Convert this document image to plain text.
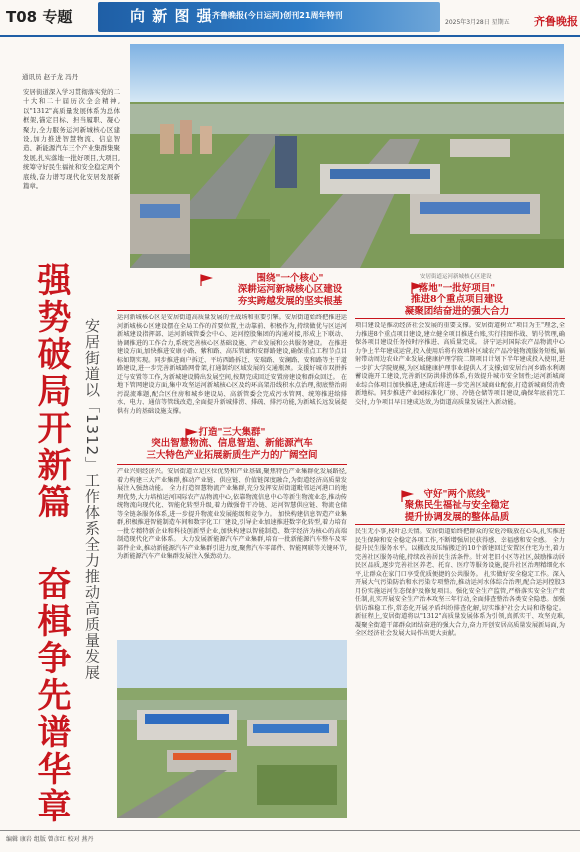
T08 专题	向 新 图 强 齐鲁晚报(今日运河)创刊21周年特刊
2025年3月28日 星期五 齐鲁晚报
通讯员 赵子龙 冯丹
安居街道深入学习贯彻落实党的二十大和二十届历次全会精神,以"1312"高质量发展体系为总体框架,锚定目标、担当履职、凝心聚力,全力服务运河新城核心区建设,加力推进智慧物流、信息智造、新能源汽车三个产业集群集聚发展,扎实落地一批好项目,大项目,统筹守好民生福祉和安全稳定两个底线,奋力谱写现代化安居发展新篇章。
强势破局开新篇
奋楫争先谱华章
安居街道以「1312」工作体系全力推动高质量发展
安居街道运河新城核心区建设
围绕"一个核心"
深耕运河新城核心区建设
夯实跨越发展的坚实根基
运河新城核心区是安居街道高质量发展的主战场和重要引擎。安居街道始终把推进运河新城核心区建设摆在全局工作的首要位置,主动靠前、积极作为,持续做优与区运河新城建设指挥部、运河新城管委会中心、运河控股集团的沟通对接,形成上下联动、协调推进的工作合力,系统完善核心区基础设施、产业发展和公共服务建设。 在推进建设方面,加快推进安康小路、紫和路、高压管廊和安群路建设,确保重点工程节点目标如期实现。同步推进商户拆迁、平坊西路拆迁、安瑞路、安澜路、安和路等主干道路建设,进一步完善新城路网骨架,打通制约区域发展的交通瓶颈。支援好城市双拼拆迁与安置等工作,为新城建设腾出发展空间,按期完成回迁安置房建设和群众回迁。 在地下管网建设方面,集中攻坚运河新城核心区及约环高架沿线积水点治理,彻底整治雨污混流难题,配合区住房和城乡建设局、高新管委会完成污水管网、统筹推进给排水、电力、通信等管线改造,全面提升新城排涝、排疏、排污功能,为新城长远发展提供有力的基础设施支撑。
打造"三大集群"
突出智慧物流、信息智造、新能源汽车
三大特色产业拓展新质生产力的广阔空间
产业兴则经济兴。安居街道立足区位优势和产业基础,聚焦特色产业集群化发展路径,着力构建三大产业集群,推动产业链、供应链、价值链深度融合,为街道经济高质量发展注入强劲动能。 全力打造智慧物流产业集群,充分发挥安居街道毗邻运河港口的地理优势,大力培植运河国际农产品物流中心,依靠物流信息中心等新生物流业态,推动传统物流向现代化、智能化转型升级,着力做强骨干冷链、运河智慧供应链、物流仓储等全链条服务体系,进一步提升物流业发展能级和竞争力。 加快构建信息智造产业集群,积极推进智能制造车间和数字化工厂建设,引导企业加速推进数字化转型,着力培育一批专精特新企业和科技创新型企业,加快构建以智能制造、数字经济为核心的高端制造现代化产业体系。 大力发展新能源汽车产业集群,培育一批新能源汽车整车及零部件企业,推动新能源汽车产业集群引进力度,聚焦汽车零部件、智能网联等关键环节,为新能源汽车产业集群发展注入强劲动力。
落地"一批好项目"
推进8个重点项目建设
凝聚团结奋进的强大合力
项目建设是推动经济社会发展的重要支撑。安居街道树立"项目为王"理念,全力推进8个重点项目建设,建立健全项目推进台账,实行挂图作战、销号管理,确保各项目建设任务按时序推进、高质量完成。 济宁运河国际农产品物流中心力争上半年建成运营,投入使用后将有效填补区域农产品冷链物流服务短板,辐射带动周边农业产业发展;健康护理学院二期项目计划下半年建成投入使用,进一步扩大学院规模,为区域健康护理事业提供人才支撑;如安居台河乡路水利调蓄设施开工建设,完善新区防洪排涝体系,有效提升城市安全韧性;运河新城商业综合体项目加快推进,建成后将进一步完善区域商业配套,打造新城商贸消费新地标。同步推进产业园标准化厂房、冷链仓储等项目建设,确保年底前完工交付,力争项目早日建成达效,为街道高质量发展注入新动能。
守好"两个底线"
聚焦民生福祉与安全稳定
提升协调发展的整体品质
民生无小事,枝叶总关情。安居街道始终把群众的安危冷暖放在心头,扎实推进民生保障和安全稳定各项工作,不断增强居民获得感、幸福感和安全感。 全力提升民生服务水平。以棚改及压缩搬迁的10个新建回迁安置区住宅为主,着力完善社区服务功能,持续改善居民生活条件。针对老旧小区等社区,鼓励推动居民区品质,逐步完善社区养老、托育、医疗等服务设施,提升社区治理精细化水平,让群众在家门口享受优质便捷的公共服务。 扎实做好安全稳定工作。深入开展大气污染防治和水污染专项整治,推动运河水体综合治理,配合运河控股3月份实施运河生态保护及修复项目。强化安全生产监管,严格落实安全生产责任制,扎实开展安全生产治本攻坚三年行动,全面排查整治各类安全隐患。加强信访维稳工作,常态化开展矛盾纠纷排查化解,切实维护社会大局和谐稳定。 新征程上,安居街道将以"1312"高质量发展体系为引领,真抓实干、攻坚克难,凝聚全街道干部群众团结奋进的强大合力,奋力开创安居高质量发展新局面,为全区经济社会发展大局作出更大贡献。
编辑 康岩 组版 曾彦红 校对 燕丹
